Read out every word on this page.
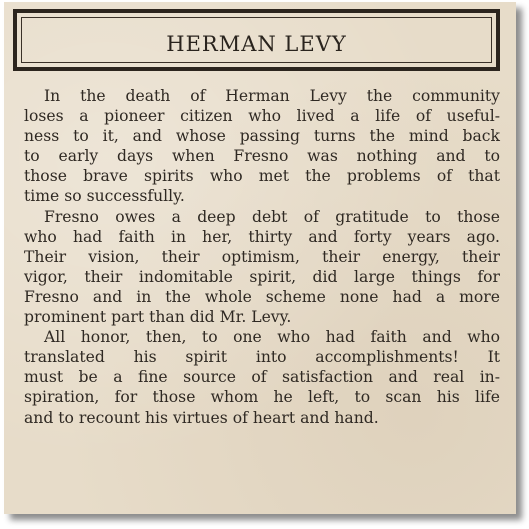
HERMAN LEVY

In the death of Herman Levy the community
loses a pioneer citizen who lived a life of useful-
ness to it, and whose passing turns the mind back
to early days when Fresno was nothing and to
those brave spirits who met the problems of that
time so successfully.

Fresno owes a deep debt of gratitude to those
who had faith in her, thirty and forty years ago.
Their vision, their optimism, their energy, their
vigor, their indomitable spirit, did large things for
Fresno and in the whole scheme none had a more
prominent part than did Mr. Levy.

All honor, then, to one who had faith and who
translated his spirit into accomplishments! It
must be a fine source of satisfaction and real in-
spiration, for those whom he left, to scan his life
and to recount his virtues of heart and hand.
